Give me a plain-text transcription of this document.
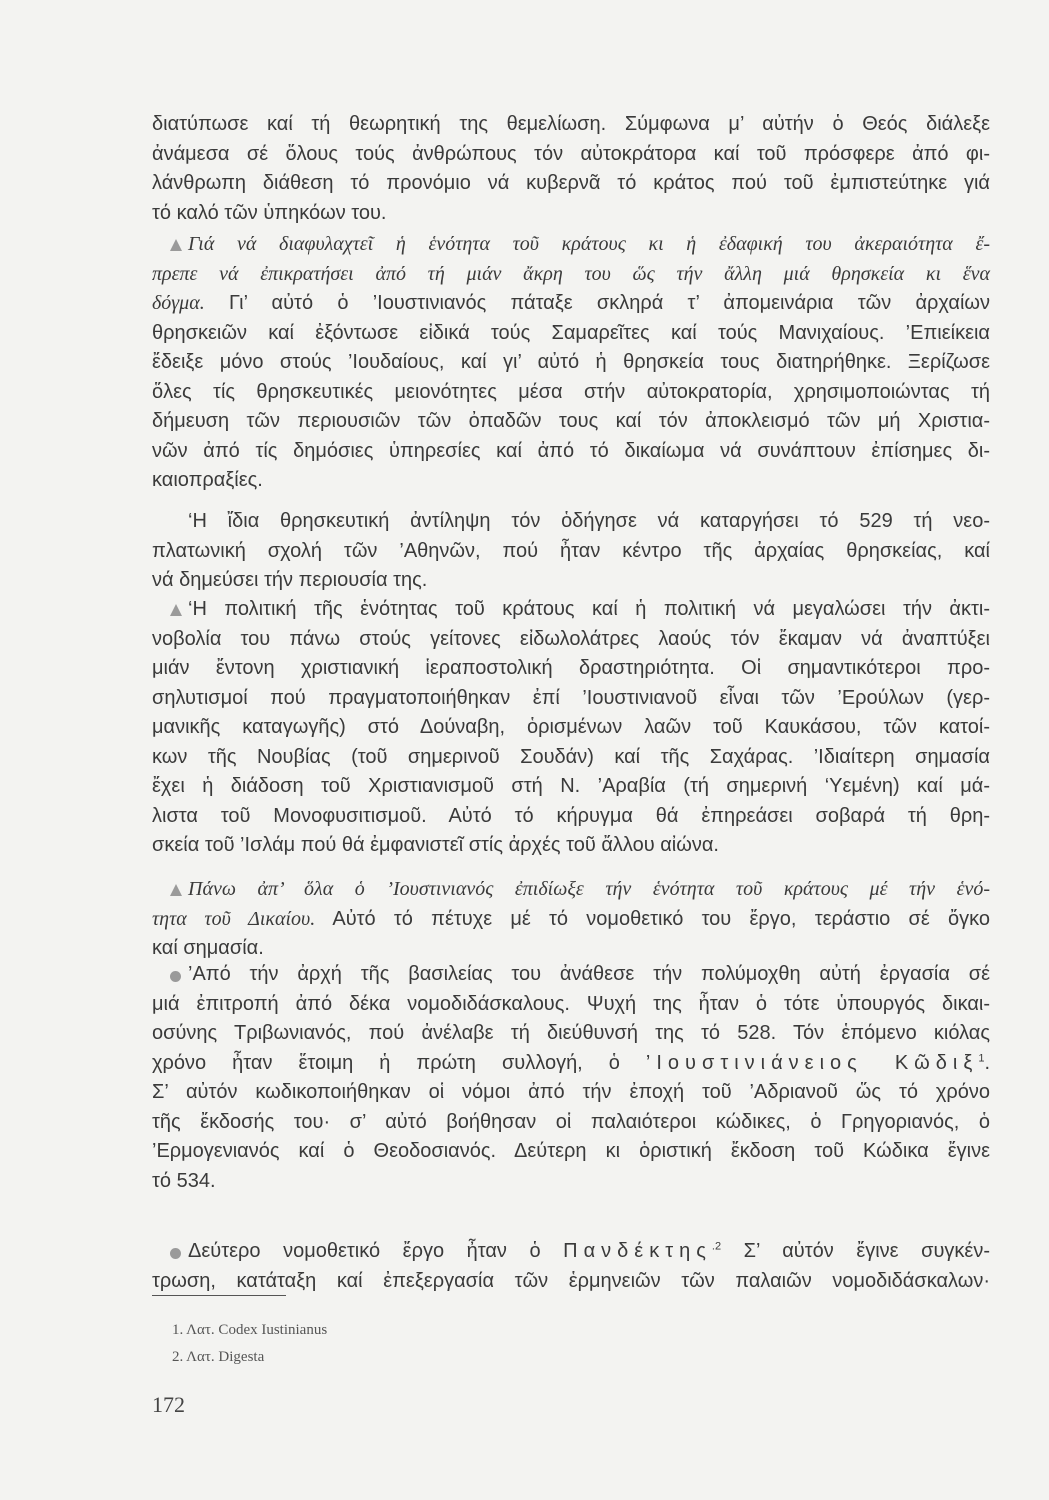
διατύπωσε καί τή θεωρητική της θεμελίωση. Σύμφωνα μ’ αὐτήν ὁ Θεός διάλεξε
ἀνάμεσα σέ ὅλους τούς ἀνθρώπους τόν αὐτοκράτορα καί τοῦ πρόσφερε ἀπό φι-
λάνθρωπη διάθεση τό προνόμιο νά κυβερνᾶ τό κράτος πού τοῦ ἐμπιστεύτηκε γιά
τό καλό τῶν ὑπηκόων του.
Γιά νά διαφυλαχτεῖ ἡ ἑνότητα τοῦ κράτους κι ἡ ἐδαφική του ἀκεραιότητα ἔ-
πρεπε νά ἐπικρατήσει ἀπό τή μιάν ἄκρη του ὥς τήν ἄλλη μιά θρησκεία κι ἕνα
δόγμα. Γι’ αὐτό ὁ ’Ιουστινιανός πάταξε σκληρά τ’ ἀπομεινάρια τῶν ἀρχαίων
θρησκειῶν καί ἐξόντωσε εἰδικά τούς Σαμαρεῖτες καί τούς Μανιχαίους. ’Επιείκεια
ἔδειξε μόνο στούς ’Ιουδαίους, καί γι’ αὐτό ἡ θρησκεία τους διατηρήθηκε. Ξερίζωσε
ὅλες τίς θρησκευτικές μειονότητες μέσα στήν αὐτοκρατορία, χρησιμοποιώντας τή
δήμευση τῶν περιουσιῶν τῶν ὀπαδῶν τους καί τόν ἀποκλεισμό τῶν μή Χριστια-
νῶν ἀπό τίς δημόσιες ὑπηρεσίες καί ἀπό τό δικαίωμα νά συνάπτουν ἐπίσημες δι-
καιοπραξίες.
‘Η ἴδια θρησκευτική ἀντίληψη τόν ὁδήγησε νά καταργήσει τό 529 τή νεο-
πλατωνική σχολή τῶν ’Αθηνῶν, πού ἦταν κέντρο τῆς ἀρχαίας θρησκείας, καί
νά δημεύσει τήν περιουσία της.
‘Η πολιτική τῆς ἑνότητας τοῦ κράτους καί ἡ πολιτική νά μεγαλώσει τήν ἀκτι-
νοβολία του πάνω στούς γείτονες εἰδωλολάτρες λαούς τόν ἔκαμαν νά ἀναπτύξει
μιάν ἔντονη χριστιανική ἱεραποστολική δραστηριότητα. Οἱ σημαντικότεροι προ-
σηλυτισμοί πού πραγματοποιήθηκαν ἐπί ’Ιουστινιανοῦ εἶναι τῶν ’Ερούλων (γερ-
μανικῆς καταγωγῆς) στό Δούναβη, ὁρισμένων λαῶν τοῦ Καυκάσου, τῶν κατοί-
κων τῆς Νουβίας (τοῦ σημερινοῦ Σουδάν) καί τῆς Σαχάρας. ’Ιδιαίτερη σημασία
ἔχει ἡ διάδοση τοῦ Χριστιανισμοῦ στή Ν. ’Αραβία (τή σημερινή ‘Υεμένη) καί μά-
λιστα τοῦ Μονοφυσιτισμοῦ. Αὐτό τό κήρυγμα θά ἐπηρεάσει σοβαρά τή θρη-
σκεία τοῦ ’Ισλάμ πού θά ἐμφανιστεῖ στίς ἀρχές τοῦ ἄλλου αἰώνα.
Πάνω ἀπ’ ὅλα ὁ ’Ιουστινιανός ἐπιδίωξε τήν ἑνότητα τοῦ κράτους μέ τήν ἑνό-
τητα τοῦ Δικαίου. Αὐτό τό πέτυχε μέ τό νομοθετικό του ἔργο, τεράστιο σέ ὄγκο
καί σημασία.
’Από τήν ἀρχή τῆς βασιλείας του ἀνάθεσε τήν πολύμοχθη αὐτή ἐργασία σέ
μιά ἐπιτροπή ἀπό δέκα νομοδιδάσκαλους. Ψυχή της ἦταν ὁ τότε ὑπουργός δικαι-
οσύνης Τριβωνιανός, πού ἀνέλαβε τή διεύθυνσή της τό 528. Τόν ἑπόμενο κιόλας
χρόνο ἦταν ἕτοιμη ἡ πρώτη συλλογή, ὁ ’Ιουστινιάνειος Κῶδιξ$^1$.
Σ’ αὐτόν κωδικοποιήθηκαν οἱ νόμοι ἀπό τήν ἐποχή τοῦ ’Αδριανοῦ ὥς τό χρόνο
τῆς ἔκδοσής του· σ’ αὐτό βοήθησαν οἱ παλαιότεροι κώδικες, ὁ Γρηγοριανός, ὁ
’Ερμογενιανός καί ὁ Θεοδοσιανός. Δεύτερη κι ὁριστική ἔκδοση τοῦ Κώδικα ἔγινε
τό 534.
Δεύτερο νομοθετικό ἔργο ἦταν ὁ Πανδέκτης$^{.2}$ Σ’ αὐτόν ἔγινε συγκέν-
τρωση, κατάταξη καί ἐπεξεργασία τῶν ἑρμηνειῶν τῶν παλαιῶν νομοδιδάσκαλων·
1. Λατ. Codex Iustinianus
2. Λατ. Digesta
172
